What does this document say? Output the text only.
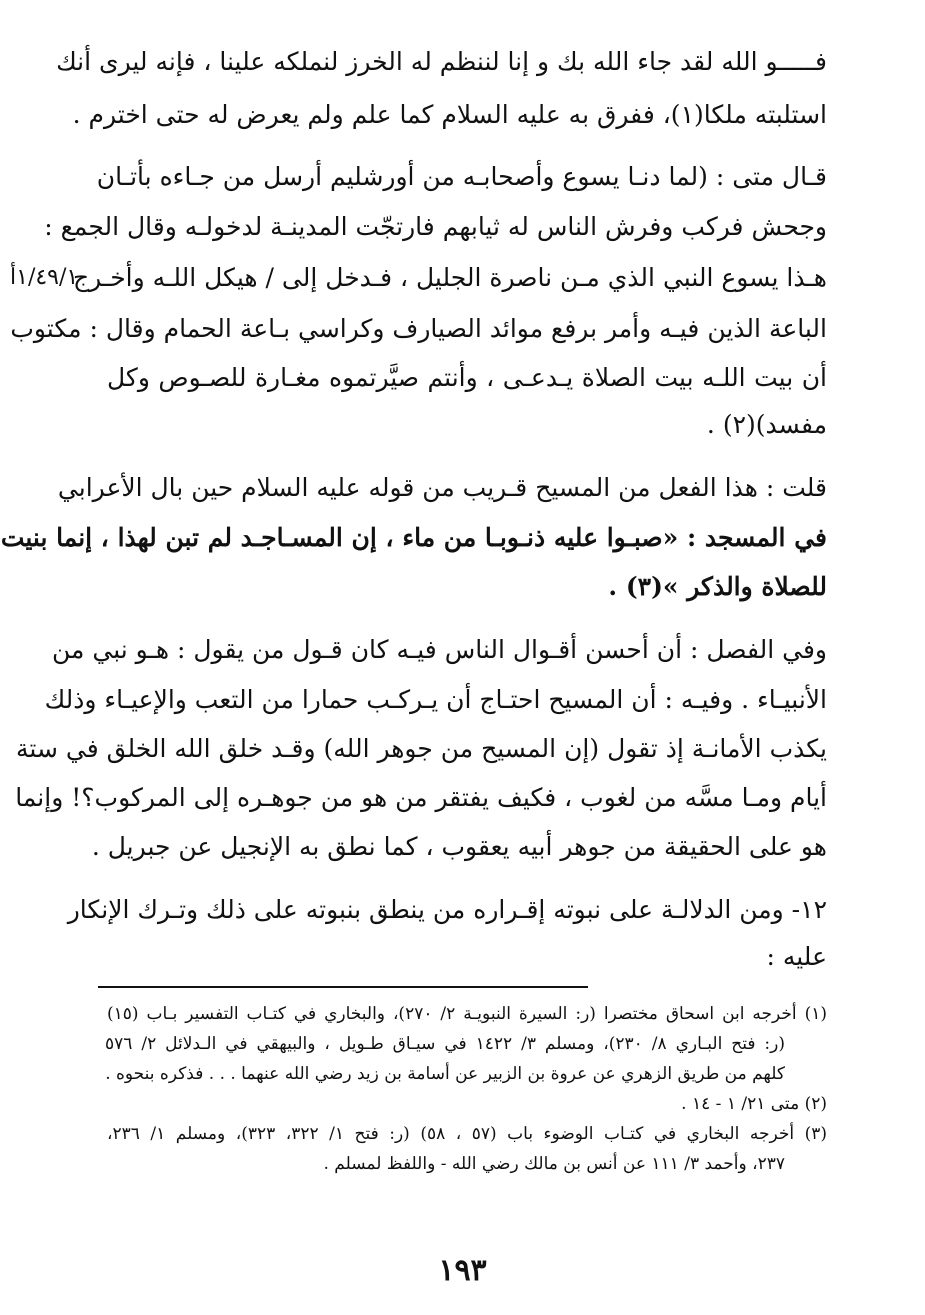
فـــــو الله لقد جاء الله بك و إنا لننظم له الخرز لنملكه علينا ، فإنه ليرى أنك
استلبته ملكا(١)، ففرق به عليه السلام كما علم ولم يعرض له حتى اخترم .
قـال متى : (لما دنـا يسوع وأصحابـه من أورشليم أرسل من جـاءه بأتـان
وجحش فركب وفرش الناس له ثيابهم فارتجّت المدينـة لدخولـه وقال الجمع :
هـذا يسوع النبي الذي مـن ناصرة الجليل ، فـدخل إلى / هيكل اللـه وأخـرج
الباعة الذين فيـه وأمر برفع موائد الصيارف وكراسي بـاعة الحمام وقال : مكتوب
أن بيت اللـه بيت الصلاة يـدعـى ، وأنتم صيَّرتموه مغـارة للصـوص وكل
مفسد)(٢) .
قلت : هذا الفعل من المسيح قـريب من قوله عليه السلام حين بال الأعرابي
في المسجد : «صبـوا عليه ذنـوبـا من ماء ، إن المسـاجـد لم تبن لهذا ، إنما بنيت
للصلاة والذكر »(٣) .
وفي الفصل : أن أحسن أقـوال الناس فيـه كان قـول من يقول : هـو نبي من
الأنبيـاء . وفيـه : أن المسيح احتـاج أن يـركـب حمارا من التعب والإعيـاء وذلك
يكذب الأمانـة إذ تقول (إن المسيح من جوهر الله) وقـد خلق الله الخلق في ستة
أيام ومـا مسَّه من لغوب ، فكيف يفتقر من هو من جوهـره إلى المركوب؟! وإنما
هو على الحقيقة من جوهر أبيه يعقوب ، كما نطق به الإنجيل عن جبريل .
١٢- ومن الدلالـة على نبوته إقـراره من ينطق بنبوته على ذلك وتـرك الإنكار
عليه :
١/٤٩/١أ
(١) أخرجه ابن اسحاق مختصرا (ر: السيرة النبويـة ٢/ ٢٧٠)، والبخاري في كتـاب التفسير بـاب (١٥)
(ر: فتح البـاري ٨/ ٢٣٠)، ومسلم ٣/ ١٤٢٢ في سيـاق طـويل ، والبيهقي في الـدلائل ٢/ ٥٧٦
كلهم من طريق الزهري عن عروة بن الزبير عن أسامة بن زيد رضي الله عنهما . . . فذكره بنحوه .
(٢) متى ٢١/ ١ - ١٤ .
(٣) أخرجه البخاري في كتـاب الوضوء باب (٥٧ ، ٥٨) (ر: فتح ١/ ٣٢٢، ٣٢٣)، ومسلم ١/ ٢٣٦،
٢٣٧، وأحمد ٣/ ١١١ عن أنس بن مالك رضي الله - واللفظ لمسلم .
١٩٣
